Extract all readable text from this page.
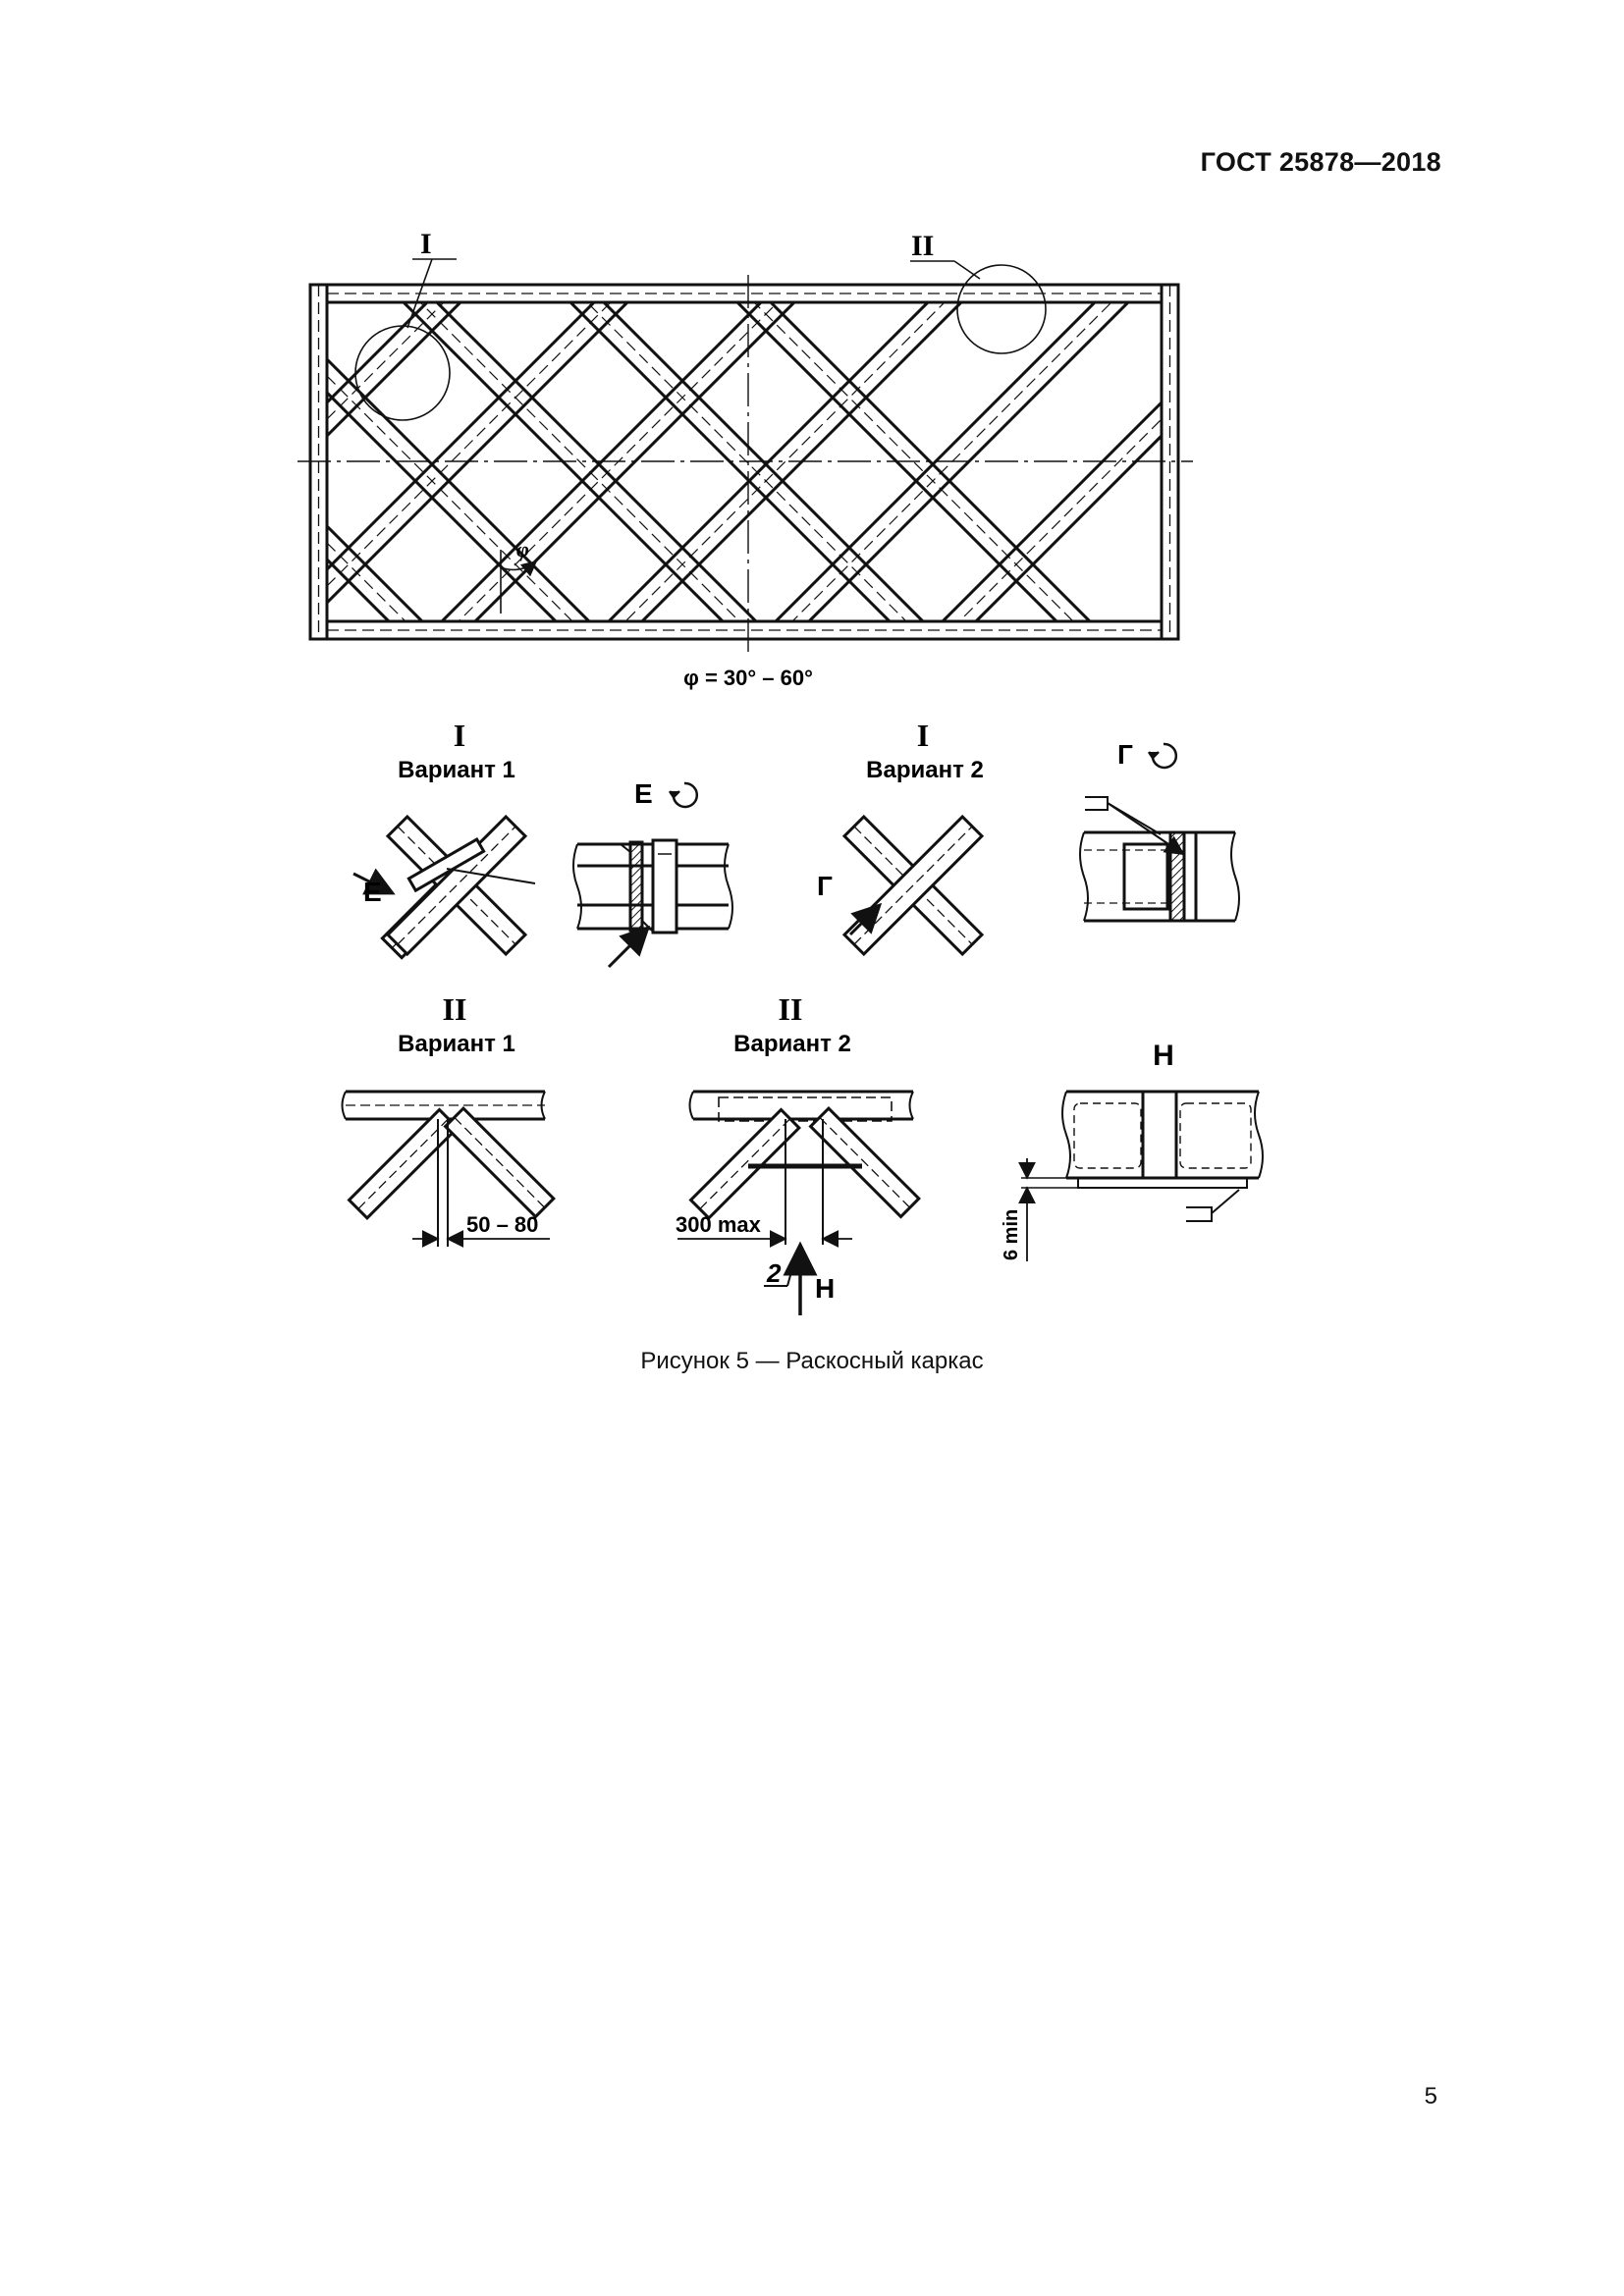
ГОСТ 25878—2018
I	II
φ
φ = 30° – 60°
I
Вариант 1
Е
Е
I
Вариант 2
Г
Г
II
Вариант 1
50 – 80
II
Вариант 2
300 max
2 Н
Н
6 min
Рисунок 5 — Раскосный каркас
5
